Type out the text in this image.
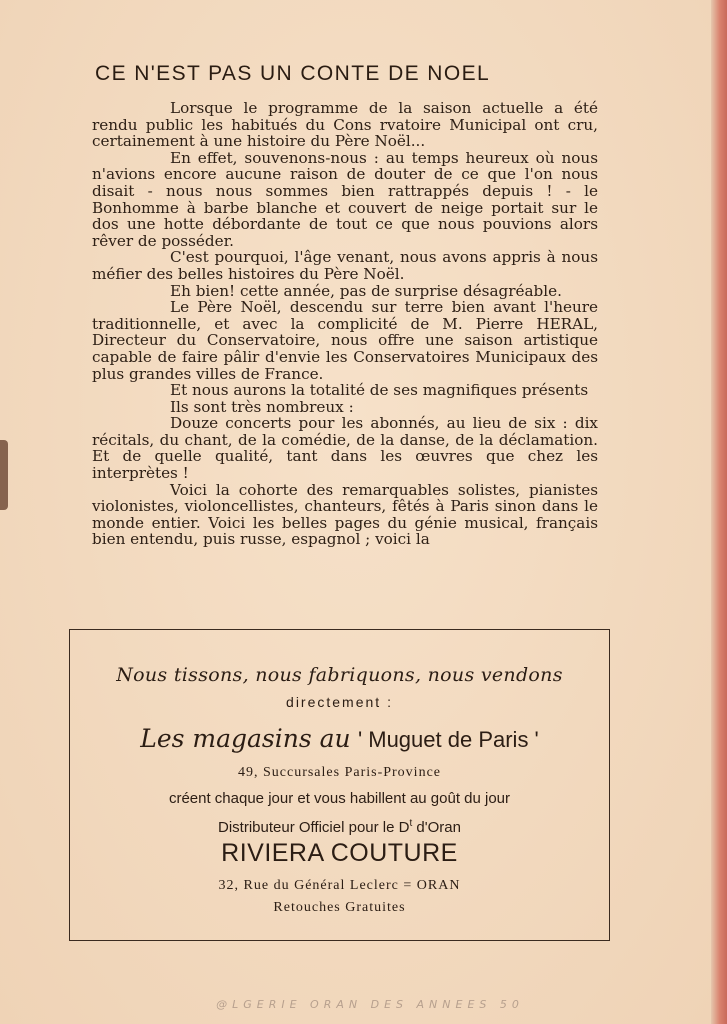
CE N'EST PAS UN CONTE DE NOEL

Lorsque le programme de la saison actuelle a été rendu public les habitués du Cons rvatoire Municipal ont cru, certainement à une histoire du Père Noël...

En effet, souvenons-nous : au temps heureux où nous n'avions encore aucune raison de douter de ce que l'on nous disait - nous nous sommes bien rattrappés depuis ! - le Bonhomme à barbe blanche et couvert de neige portait sur le dos une hotte débordante de tout ce que nous pouvions alors rêver de posséder.

C'est pourquoi, l'âge venant, nous avons appris à nous méfier des belles histoires du Père Noël.

Eh bien! cette année, pas de surprise désagréable.

Le Père Noël, descendu sur terre bien avant l'heure traditionnelle, et avec la complicité de M. Pierre HERAL, Directeur du Conservatoire, nous offre une saison artistique capable de faire pâlir d'envie les Conservatoires Municipaux des plus grandes villes de France.

Et nous aurons la totalité de ses magnifiques présents

Ils sont très nombreux :

Douze concerts pour les abonnés, au lieu de six : dix récitals, du chant, de la comédie, de la danse, de la déclamation. Et de quelle qualité, tant dans les œuvres que chez les interprètes !

Voici la cohorte des remarquables solistes, pianistes violonistes, violoncellistes, chanteurs, fêtés à Paris sinon dans le monde entier. Voici les belles pages du génie musical, français bien entendu, puis russe, espagnol ; voici la

Nous tissons, nous fabriquons, nous vendons
directement :
Les magasins au ' Muguet de Paris '
49, Succursales Paris-Province
créent chaque jour et vous habillent au goût du jour
Distributeur Officiel pour le $D^t$ d'Oran
RIVIERA COUTURE
32, Rue du Général Leclerc = ORAN
Retouches Gratuites
@LGERIE ORAN DES ANNEES 50
